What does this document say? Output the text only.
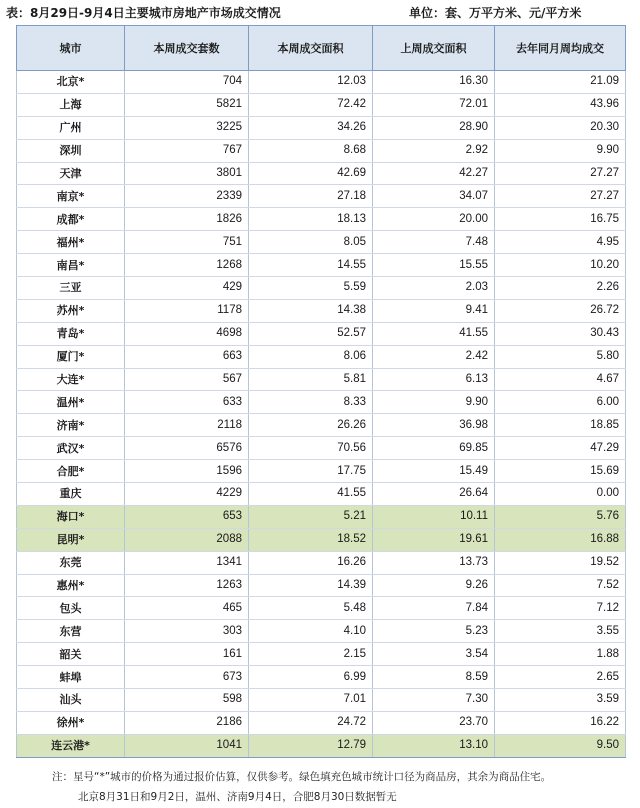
表：8月29日-9月4日主要城市房地产市场成交情况	单位：套、万平方米、元/平方米
城市	本周成交套数	本周成交面积	上周成交面积	去年同月周均成交
北京*	704	12.03	16.30	21.09
上海	5821	72.42	72.01	43.96
广州	3225	34.26	28.90	20.30
深圳	767	8.68	2.92	9.90
天津	3801	42.69	42.27	27.27
南京*	2339	27.18	34.07	27.27
成都*	1826	18.13	20.00	16.75
福州*	751	8.05	7.48	4.95
南昌*	1268	14.55	15.55	10.20
三亚	429	5.59	2.03	2.26
苏州*	1178	14.38	9.41	26.72
青岛*	4698	52.57	41.55	30.43
厦门*	663	8.06	2.42	5.80
大连*	567	5.81	6.13	4.67
温州*	633	8.33	9.90	6.00
济南*	2118	26.26	36.98	18.85
武汉*	6576	70.56	69.85	47.29
合肥*	1596	17.75	15.49	15.69
重庆	4229	41.55	26.64	0.00
海口*	653	5.21	10.11	5.76
昆明*	2088	18.52	19.61	16.88
东莞	1341	16.26	13.73	19.52
惠州*	1263	14.39	9.26	7.52
包头	465	5.48	7.84	7.12
东营	303	4.10	5.23	3.55
韶关	161	2.15	3.54	1.88
蚌埠	673	6.99	8.59	2.65
汕头	598	7.01	7.30	3.59
徐州*	2186	24.72	23.70	16.22
连云港*	1041	12.79	13.10	9.50
注：星号“*”城市的价格为通过报价估算，仅供参考。绿色填充色城市统计口径为商品房，其余为商品住宅。
北京8月31日和9月2日，温州、济南9月4日，合肥8月30日数据暂无
